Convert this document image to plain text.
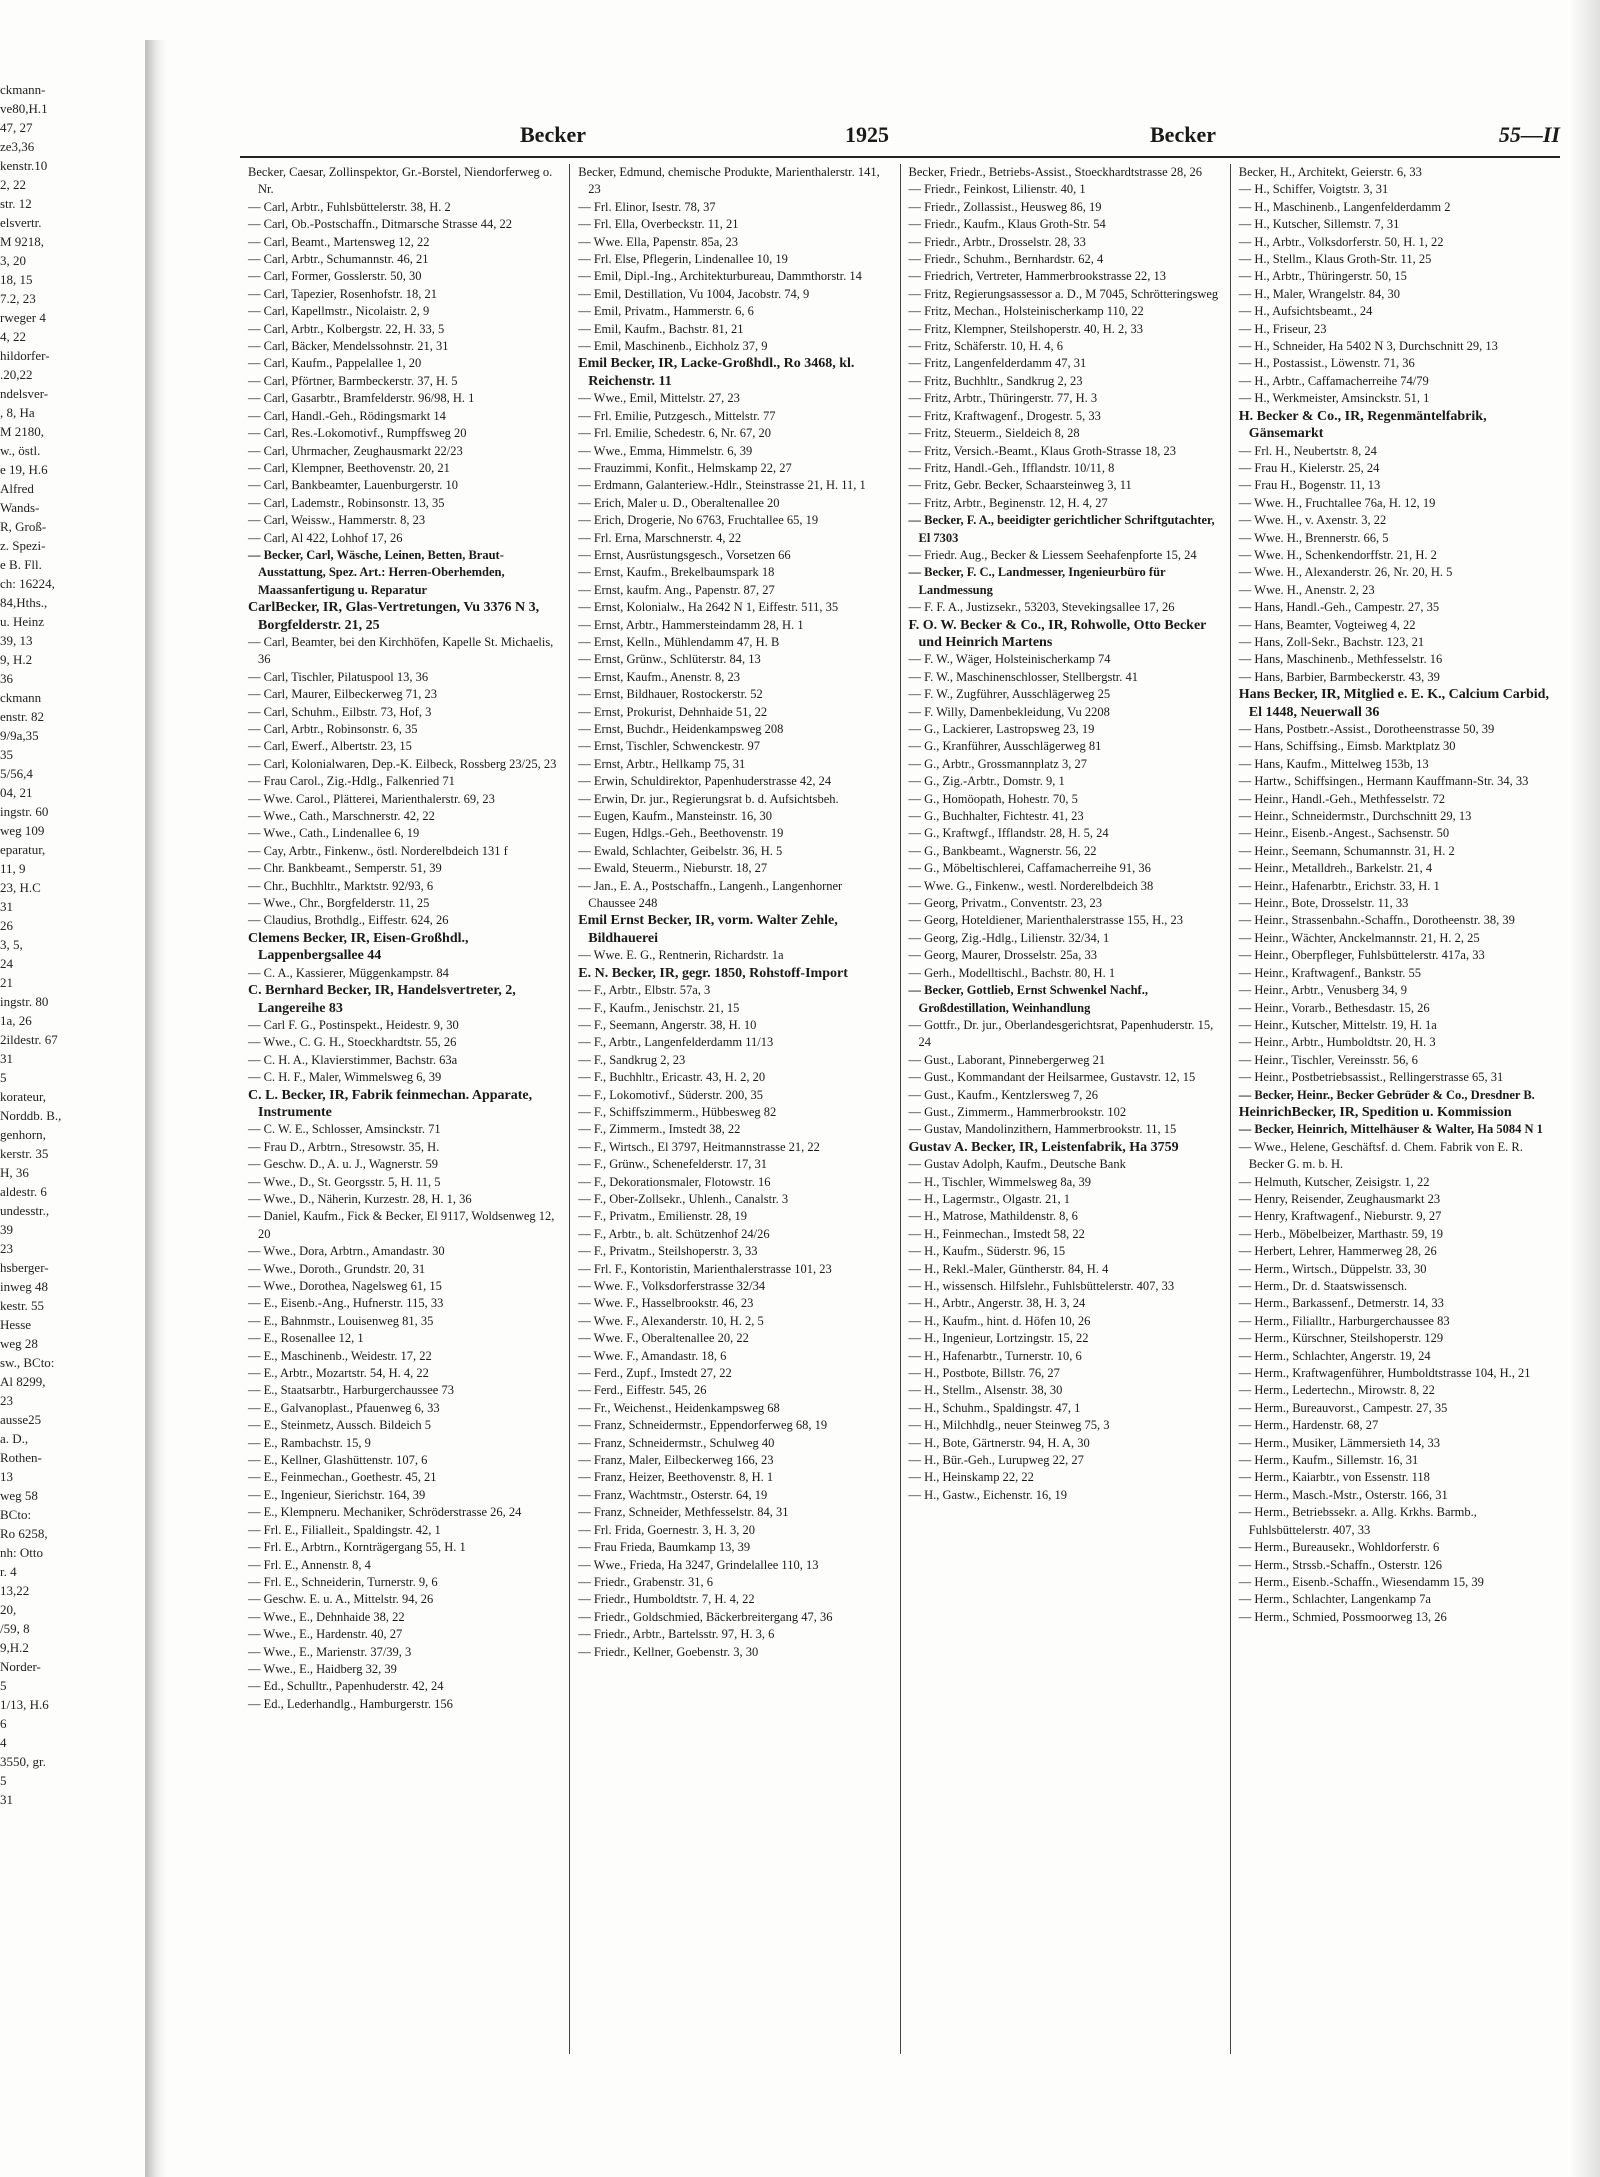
ckmann-
ve80,H.1
47, 27
ze3,36
kenstr.10
2, 22
str. 12
elsvertr.
M 9218,
3, 20
18, 15
7.2, 23
rweger 4
4, 22
hildorfer-
.20,22
ndelsver-
, 8, Ha
M 2180,
w., östl.
e 19, H.6
Alfred
Wands-
R, Groß-
z. Spezi-
e B. Fll.
ch: 16224,
84,Hths.,
u. Heinz
39, 13
9, H.2
36
ckmann
enstr. 82
9/9a,35
35
5/56,4
04, 21
ingstr. 60
weg 109
eparatur,
11, 9
23, H.C
31
26
3, 5,
24
21
ingstr. 80
1a, 26
2ildestr. 67
31
5
korateur,
Norddb. B.,
genhorn,
kerstr. 35
H, 36
aldestr. 6
undesstr.,
39
23
hsberger-
inweg 48
kestr. 55
Hesse
weg 28
sw., BCto:
Al 8299,
23
ausse25
a. D.,
Rothen-
13
weg 58
BCto:
Ro 6258,
nh: Otto
r. 4
13,22
20,
/59, 8
9,H.2
Norder-
5
1/13, H.6
6
4
3550, gr.
5
31
Becker	1925	Becker	55—II
Becker, Caesar, Zollinspektor, Gr.-Borstel, Niendorferweg o. Nr.
— Carl, Arbtr., Fuhlsbüttelerstr. 38, H. 2
— Carl, Ob.-Postschaffn., Ditmarsche Strasse 44, 22
— Carl, Beamt., Martensweg 12, 22
— Carl, Arbtr., Schumannstr. 46, 21
— Carl, Former, Gosslerstr. 50, 30
— Carl, Tapezier, Rosenhofstr. 18, 21
— Carl, Kapellmstr., Nicolaistr. 2, 9
— Carl, Arbtr., Kolbergstr. 22, H. 33, 5
— Carl, Bäcker, Mendelssohnstr. 21, 31
— Carl, Kaufm., Pappelallee 1, 20
— Carl, Pförtner, Barmbeckerstr. 37, H. 5
— Carl, Gasarbtr., Bramfelderstr. 96/98, H. 1
— Carl, Handl.-Geh., Rödingsmarkt 14
— Carl, Res.-Lokomotivf., Rumpffsweg 20
— Carl, Uhrmacher, Zeughausmarkt 22/23
— Carl, Klempner, Beethovenstr. 20, 21
— Carl, Bankbeamter, Lauenburgerstr. 10
— Carl, Lademstr., Robinsonstr. 13, 35
— Carl, Weissw., Hammerstr. 8, 23
— Carl, Al 422, Lohhof 17, 26
— Becker, Carl, Wäsche, Leinen, Betten, Braut-Ausstattung, Spez. Art.: Herren-Oberhemden, Maassanfertigung u. Reparatur
CarlBecker, IR, Glas-Vertretungen, Vu 3376 N 3, Borgfelderstr. 21, 25
— Carl, Beamter, bei den Kirchhöfen, Kapelle St. Michaelis, 36
— Carl, Tischler, Pilatuspool 13, 36
— Carl, Maurer, Eilbeckerweg 71, 23
— Carl, Schuhm., Eilbstr. 73, Hof, 3
— Carl, Arbtr., Robinsonstr. 6, 35
— Carl, Ewerf., Albertstr. 23, 15
— Carl, Kolonialwaren, Dep.-K. Eilbeck, Rossberg 23/25, 23
— Frau Carol., Zig.-Hdlg., Falkenried 71
— Wwe. Carol., Plätterei, Marienthalerstr. 69, 23
— Wwe., Cath., Marschnerstr. 42, 22
— Wwe., Cath., Lindenallee 6, 19
— Cay, Arbtr., Finkenw., östl. Norderelbdeich 131 f
— Chr. Bankbeamt., Semperstr. 51, 39
— Chr., Buchhltr., Marktstr. 92/93, 6
— Wwe., Chr., Borgfelderstr. 11, 25
— Claudius, Brothdlg., Eiffestr. 624, 26
Clemens Becker, IR, Eisen-Großhdl., Lappenbergsallee 44
— C. A., Kassierer, Müggenkampstr. 84
C. Bernhard Becker, IR, Handelsvertreter, 2, Langereihe 83
— Carl F. G., Postinspekt., Heidestr. 9, 30
— Wwe., C. G. H., Stoeckhardtstr. 55, 26
— C. H. A., Klavierstimmer, Bachstr. 63a
— C. H. F., Maler, Wimmelsweg 6, 39
C. L. Becker, IR, Fabrik feinmechan. Apparate, Instrumente
— C. W. E., Schlosser, Amsinckstr. 71
— Frau D., Arbtrn., Stresowstr. 35, H.
— Geschw. D., A. u. J., Wagnerstr. 59
— Wwe., D., St. Georgsstr. 5, H. 11, 5
— Wwe., D., Näherin, Kurzestr. 28, H. 1, 36
— Daniel, Kaufm., Fick & Becker, El 9117, Woldsenweg 12, 20
— Wwe., Dora, Arbtrn., Amandastr. 30
— Wwe., Doroth., Grundstr. 20, 31
— Wwe., Dorothea, Nagelsweg 61, 15
— E., Eisenb.-Ang., Hufnerstr. 115, 33
— E., Bahnmstr., Louisenweg 81, 35
— E., Rosenallee 12, 1
— E., Maschinenb., Weidestr. 17, 22
— E., Arbtr., Mozartstr. 54, H. 4, 22
— E., Staatsarbtr., Harburgerchaussee 73
— E., Galvanoplast., Pfauenweg 6, 33
— E., Steinmetz, Aussch. Bildeich 5
— E., Rambachstr. 15, 9
— E., Kellner, Glashüttenstr. 107, 6
— E., Feinmechan., Goethestr. 45, 21
— E., Ingenieur, Sierichstr. 164, 39
— E., Klempneru. Mechaniker, Schröderstrasse 26, 24
— Frl. E., Filialleit., Spaldingstr. 42, 1
— Frl. E., Arbtrn., Kornträgergang 55, H. 1
— Frl. E., Annenstr. 8, 4
— Frl. E., Schneiderin, Turnerstr. 9, 6
— Geschw. E. u. A., Mittelstr. 94, 26
— Wwe., E., Dehnhaide 38, 22
— Wwe., E., Hardenstr. 40, 27
— Wwe., E., Marienstr. 37/39, 3
— Wwe., E., Haidberg 32, 39
— Ed., Schulltr., Papenhuderstr. 42, 24
— Ed., Lederhandlg., Hamburgerstr. 156
Becker, Edmund, chemische Produkte, Marienthalerstr. 141, 23
— Frl. Elinor, Isestr. 78, 37
— Frl. Ella, Overbeckstr. 11, 21
— Wwe. Ella, Papenstr. 85a, 23
— Frl. Else, Pflegerin, Lindenallee 10, 19
— Emil, Dipl.-Ing., Architekturbureau, Dammthorstr. 14
— Emil, Destillation, Vu 1004, Jacobstr. 74, 9
— Emil, Privatm., Hammerstr. 6, 6
— Emil, Kaufm., Bachstr. 81, 21
— Emil, Maschinenb., Eichholz 37, 9
Emil Becker, IR, Lacke-Großhdl., Ro 3468, kl. Reichenstr. 11
— Wwe., Emil, Mittelstr. 27, 23
— Frl. Emilie, Putzgesch., Mittelstr. 77
— Frl. Emilie, Schedestr. 6, Nr. 67, 20
— Wwe., Emma, Himmelstr. 6, 39
— Frauzimmi, Konfit., Helmskamp 22, 27
— Erdmann, Galanteriew.-Hdlr., Steinstrasse 21, H. 11, 1
— Erich, Maler u. D., Oberaltenallee 20
— Erich, Drogerie, No 6763, Fruchtallee 65, 19
— Frl. Erna, Marschnerstr. 4, 22
— Ernst, Ausrüstungsgesch., Vorsetzen 66
— Ernst, Kaufm., Brekelbaumspark 18
— Ernst, kaufm. Ang., Papenstr. 87, 27
— Ernst, Kolonialw., Ha 2642 N 1, Eiffestr. 511, 35
— Ernst, Arbtr., Hammersteindamm 28, H. 1
— Ernst, Kelln., Mühlendamm 47, H. B
— Ernst, Grünw., Schlüterstr. 84, 13
— Ernst, Kaufm., Anenstr. 8, 23
— Ernst, Bildhauer, Rostockerstr. 52
— Ernst, Prokurist, Dehnhaide 51, 22
— Ernst, Buchdr., Heidenkampsweg 208
— Ernst, Tischler, Schwenckestr. 97
— Ernst, Arbtr., Hellkamp 75, 31
— Erwin, Schuldirektor, Papenhuderstrasse 42, 24
— Erwin, Dr. jur., Regierungsrat b. d. Aufsichtsbeh.
— Eugen, Kaufm., Mansteinstr. 16, 30
— Eugen, Hdlgs.-Geh., Beethovenstr. 19
— Ewald, Schlachter, Geibelstr. 36, H. 5
— Ewald, Steuerm., Nieburstr. 18, 27
— Jan., E. A., Postschaffn., Langenh., Langenhorner Chaussee 248
Emil Ernst Becker, IR, vorm. Walter Zehle, Bildhauerei
— Wwe. E. G., Rentnerin, Richardstr. 1a
E. N. Becker, IR, gegr. 1850, Rohstoff-Import
— F., Arbtr., Elbstr. 57a, 3
— F., Kaufm., Jenischstr. 21, 15
— F., Seemann, Angerstr. 38, H. 10
— F., Arbtr., Langenfelderdamm 11/13
— F., Sandkrug 2, 23
— F., Buchhltr., Ericastr. 43, H. 2, 20
— F., Lokomotivf., Süderstr. 200, 35
— F., Schiffszimmerm., Hübbesweg 82
— F., Zimmerm., Imstedt 38, 22
— F., Wirtsch., El 3797, Heitmannstrasse 21, 22
— F., Grünw., Schenefelderstr. 17, 31
— F., Dekorationsmaler, Flotowstr. 16
— F., Ober-Zollsekr., Uhlenh., Canalstr. 3
— F., Privatm., Emilienstr. 28, 19
— F., Arbtr., b. alt. Schützenhof 24/26
— F., Privatm., Steilshoperstr. 3, 33
— Frl. F., Kontoristin, Marienthalerstrasse 101, 23
— Wwe. F., Volksdorferstrasse 32/34
— Wwe. F., Hasselbrookstr. 46, 23
— Wwe. F., Alexanderstr. 10, H. 2, 5
— Wwe. F., Oberaltenallee 20, 22
— Wwe. F., Amandastr. 18, 6
— Ferd., Zupf., Imstedt 27, 22
— Ferd., Eiffestr. 545, 26
— Fr., Weichenst., Heidenkampsweg 68
— Franz, Schneidermstr., Eppendorferweg 68, 19
— Franz, Schneidermstr., Schulweg 40
— Franz, Maler, Eilbeckerweg 166, 23
— Franz, Heizer, Beethovenstr. 8, H. 1
— Franz, Wachtmstr., Osterstr. 64, 19
— Franz, Schneider, Methfesselstr. 84, 31
— Frl. Frida, Goernestr. 3, H. 3, 20
— Frau Frieda, Baumkamp 13, 39
— Wwe., Frieda, Ha 3247, Grindelallee 110, 13
— Friedr., Grabenstr. 31, 6
— Friedr., Humboldtstr. 7, H. 4, 22
— Friedr., Goldschmied, Bäckerbreitergang 47, 36
— Friedr., Arbtr., Bartelsstr. 97, H. 3, 6
— Friedr., Kellner, Goebenstr. 3, 30
Becker, Friedr., Betriebs-Assist., Stoeckhardtstrasse 28, 26
— Friedr., Feinkost, Lilienstr. 40, 1
— Friedr., Zollassist., Heusweg 86, 19
— Friedr., Kaufm., Klaus Groth-Str. 54
— Friedr., Arbtr., Drosselstr. 28, 33
— Friedr., Schuhm., Bernhardstr. 62, 4
— Friedrich, Vertreter, Hammerbrookstrasse 22, 13
— Fritz, Regierungsassessor a. D., M 7045, Schrötteringsweg
— Fritz, Mechan., Holsteinischerkamp 110, 22
— Fritz, Klempner, Steilshoperstr. 40, H. 2, 33
— Fritz, Schäferstr. 10, H. 4, 6
— Fritz, Langenfelderdamm 47, 31
— Fritz, Buchhltr., Sandkrug 2, 23
— Fritz, Arbtr., Thüringerstr. 77, H. 3
— Fritz, Kraftwagenf., Drogestr. 5, 33
— Fritz, Steuerm., Sieldeich 8, 28
— Fritz, Versich.-Beamt., Klaus Groth-Strasse 18, 23
— Fritz, Handl.-Geh., Ifflandstr. 10/11, 8
— Fritz, Gebr. Becker, Schaarsteinweg 3, 11
— Fritz, Arbtr., Beginenstr. 12, H. 4, 27
— Becker, F. A., beeidigter gerichtlicher Schriftgutachter, El 7303
— Friedr. Aug., Becker & Liessem Seehafenpforte 15, 24
— Becker, F. C., Landmesser, Ingenieurbüro für Landmessung
— F. F. A., Justizsekr., 53203, Stevekingsallee 17, 26
F. O. W. Becker & Co., IR, Rohwolle, Otto Becker und Heinrich Martens
— F. W., Wäger, Holsteinischerkamp 74
— F. W., Maschinenschlosser, Stellbergstr. 41
— F. W., Zugführer, Ausschlägerweg 25
— F. Willy, Damenbekleidung, Vu 2208
— G., Lackierer, Lastropsweg 23, 19
— G., Kranführer, Ausschlägerweg 81
— G., Arbtr., Grossmannplatz 3, 27
— G., Zig.-Arbtr., Domstr. 9, 1
— G., Homöopath, Hohestr. 70, 5
— G., Buchhalter, Fichtestr. 41, 23
— G., Kraftwgf., Ifflandstr. 28, H. 5, 24
— G., Bankbeamt., Wagnerstr. 56, 22
— G., Möbeltischlerei, Caffamacherreihe 91, 36
— Wwe. G., Finkenw., westl. Norderelbdeich 38
— Georg, Privatm., Conventstr. 23, 23
— Georg, Hoteldiener, Marienthalerstrasse 155, H., 23
— Georg, Zig.-Hdlg., Lilienstr. 32/34, 1
— Georg, Maurer, Drosselstr. 25a, 33
— Gerh., Modelltischl., Bachstr. 80, H. 1
— Becker, Gottlieb, Ernst Schwenkel Nachf., Großdestillation, Weinhandlung
— Gottfr., Dr. jur., Oberlandesgerichtsrat, Papenhuderstr. 15, 24
— Gust., Laborant, Pinnebergerweg 21
— Gust., Kommandant der Heilsarmee, Gustavstr. 12, 15
— Gust., Kaufm., Kentzlersweg 7, 26
— Gust., Zimmerm., Hammerbrookstr. 102
— Gustav, Mandolinzithern, Hammerbrookstr. 11, 15
Gustav A. Becker, IR, Leistenfabrik, Ha 3759
— Gustav Adolph, Kaufm., Deutsche Bank
— H., Tischler, Wimmelsweg 8a, 39
— H., Lagermstr., Olgastr. 21, 1
— H., Matrose, Mathildenstr. 8, 6
— H., Feinmechan., Imstedt 58, 22
— H., Kaufm., Süderstr. 96, 15
— H., Rekl.-Maler, Güntherstr. 84, H. 4
— H., wissensch. Hilfslehr., Fuhlsbüttelerstr. 407, 33
— H., Arbtr., Angerstr. 38, H. 3, 24
— H., Kaufm., hint. d. Höfen 10, 26
— H., Ingenieur, Lortzingstr. 15, 22
— H., Hafenarbtr., Turnerstr. 10, 6
— H., Postbote, Billstr. 76, 27
— H., Stellm., Alsenstr. 38, 30
— H., Schuhm., Spaldingstr. 47, 1
— H., Milchhdlg., neuer Steinweg 75, 3
— H., Bote, Gärtnerstr. 94, H. A, 30
— H., Bür.-Geh., Lurupweg 22, 27
— H., Heinskamp 22, 22
— H., Gastw., Eichenstr. 16, 19
Becker, H., Architekt, Geierstr. 6, 33
— H., Schiffer, Voigtstr. 3, 31
— H., Maschinenb., Langenfelderdamm 2
— H., Kutscher, Sillemstr. 7, 31
— H., Arbtr., Volksdorferstr. 50, H. 1, 22
— H., Stellm., Klaus Groth-Str. 11, 25
— H., Arbtr., Thüringerstr. 50, 15
— H., Maler, Wrangelstr. 84, 30
— H., Aufsichtsbeamt., 24
— H., Friseur, 23
— H., Schneider, Ha 5402 N 3, Durchschnitt 29, 13
— H., Postassist., Löwenstr. 71, 36
— H., Arbtr., Caffamacherreihe 74/79
— H., Werkmeister, Amsinckstr. 51, 1
H. Becker & Co., IR, Regenmäntelfabrik, Gänsemarkt
— Frl. H., Neubertstr. 8, 24
— Frau H., Kielerstr. 25, 24
— Frau H., Bogenstr. 11, 13
— Wwe. H., Fruchtallee 76a, H. 12, 19
— Wwe. H., v. Axenstr. 3, 22
— Wwe. H., Brennerstr. 66, 5
— Wwe. H., Schenkendorffstr. 21, H. 2
— Wwe. H., Alexanderstr. 26, Nr. 20, H. 5
— Wwe. H., Anenstr. 2, 23
— Hans, Handl.-Geh., Campestr. 27, 35
— Hans, Beamter, Vogteiweg 4, 22
— Hans, Zoll-Sekr., Bachstr. 123, 21
— Hans, Maschinenb., Methfesselstr. 16
— Hans, Barbier, Barmbeckerstr. 43, 39
Hans Becker, IR, Mitglied e. E. K., Calcium Carbid, El 1448, Neuerwall 36
— Hans, Postbetr.-Assist., Dorotheenstrasse 50, 39
— Hans, Schiffsing., Eimsb. Marktplatz 30
— Hans, Kaufm., Mittelweg 153b, 13
— Hartw., Schiffsingen., Hermann Kauffmann-Str. 34, 33
— Heinr., Handl.-Geh., Methfesselstr. 72
— Heinr., Schneidermstr., Durchschnitt 29, 13
— Heinr., Eisenb.-Angest., Sachsenstr. 50
— Heinr., Seemann, Schumannstr. 31, H. 2
— Heinr., Metalldreh., Barkelstr. 21, 4
— Heinr., Hafenarbtr., Erichstr. 33, H. 1
— Heinr., Bote, Drosselstr. 11, 33
— Heinr., Strassenbahn.-Schaffn., Dorotheenstr. 38, 39
— Heinr., Wächter, Anckelmannstr. 21, H. 2, 25
— Heinr., Oberpfleger, Fuhlsbüttelerstr. 417a, 33
— Heinr., Kraftwagenf., Bankstr. 55
— Heinr., Arbtr., Venusberg 34, 9
— Heinr., Vorarb., Bethesdastr. 15, 26
— Heinr., Kutscher, Mittelstr. 19, H. 1a
— Heinr., Arbtr., Humboldtstr. 20, H. 3
— Heinr., Tischler, Vereinsstr. 56, 6
— Heinr., Postbetriebsassist., Rellingerstrasse 65, 31
— Becker, Heinr., Becker Gebrüder & Co., Dresdner B.
HeinrichBecker, IR, Spedition u. Kommission
— Becker, Heinrich, Mittelhäuser & Walter, Ha 5084 N 1
— Wwe., Helene, Geschäftsf. d. Chem. Fabrik von E. R. Becker G. m. b. H.
— Helmuth, Kutscher, Zeisigstr. 1, 22
— Henry, Reisender, Zeughausmarkt 23
— Henry, Kraftwagenf., Nieburstr. 9, 27
— Herb., Möbelbeizer, Marthastr. 59, 19
— Herbert, Lehrer, Hammerweg 28, 26
— Herm., Wirtsch., Düppelstr. 33, 30
— Herm., Dr. d. Staatswissensch.
— Herm., Barkassenf., Detmerstr. 14, 33
— Herm., Filialltr., Harburgerchaussee 83
— Herm., Kürschner, Steilshoperstr. 129
— Herm., Schlachter, Angerstr. 19, 24
— Herm., Kraftwagenführer, Humboldtstrasse 104, H., 21
— Herm., Ledertechn., Mirowstr. 8, 22
— Herm., Bureauvorst., Campestr. 27, 35
— Herm., Hardenstr. 68, 27
— Herm., Musiker, Lämmersieth 14, 33
— Herm., Kaufm., Sillemstr. 16, 31
— Herm., Kaiarbtr., von Essenstr. 118
— Herm., Masch.-Mstr., Osterstr. 166, 31
— Herm., Betriebssekr. a. Allg. Krkhs. Barmb., Fuhlsbüttelerstr. 407, 33
— Herm., Bureausekr., Wohldorferstr. 6
— Herm., Strssb.-Schaffn., Osterstr. 126
— Herm., Eisenb.-Schaffn., Wiesendamm 15, 39
— Herm., Schlachter, Langenkamp 7a
— Herm., Schmied, Possmoorweg 13, 26
